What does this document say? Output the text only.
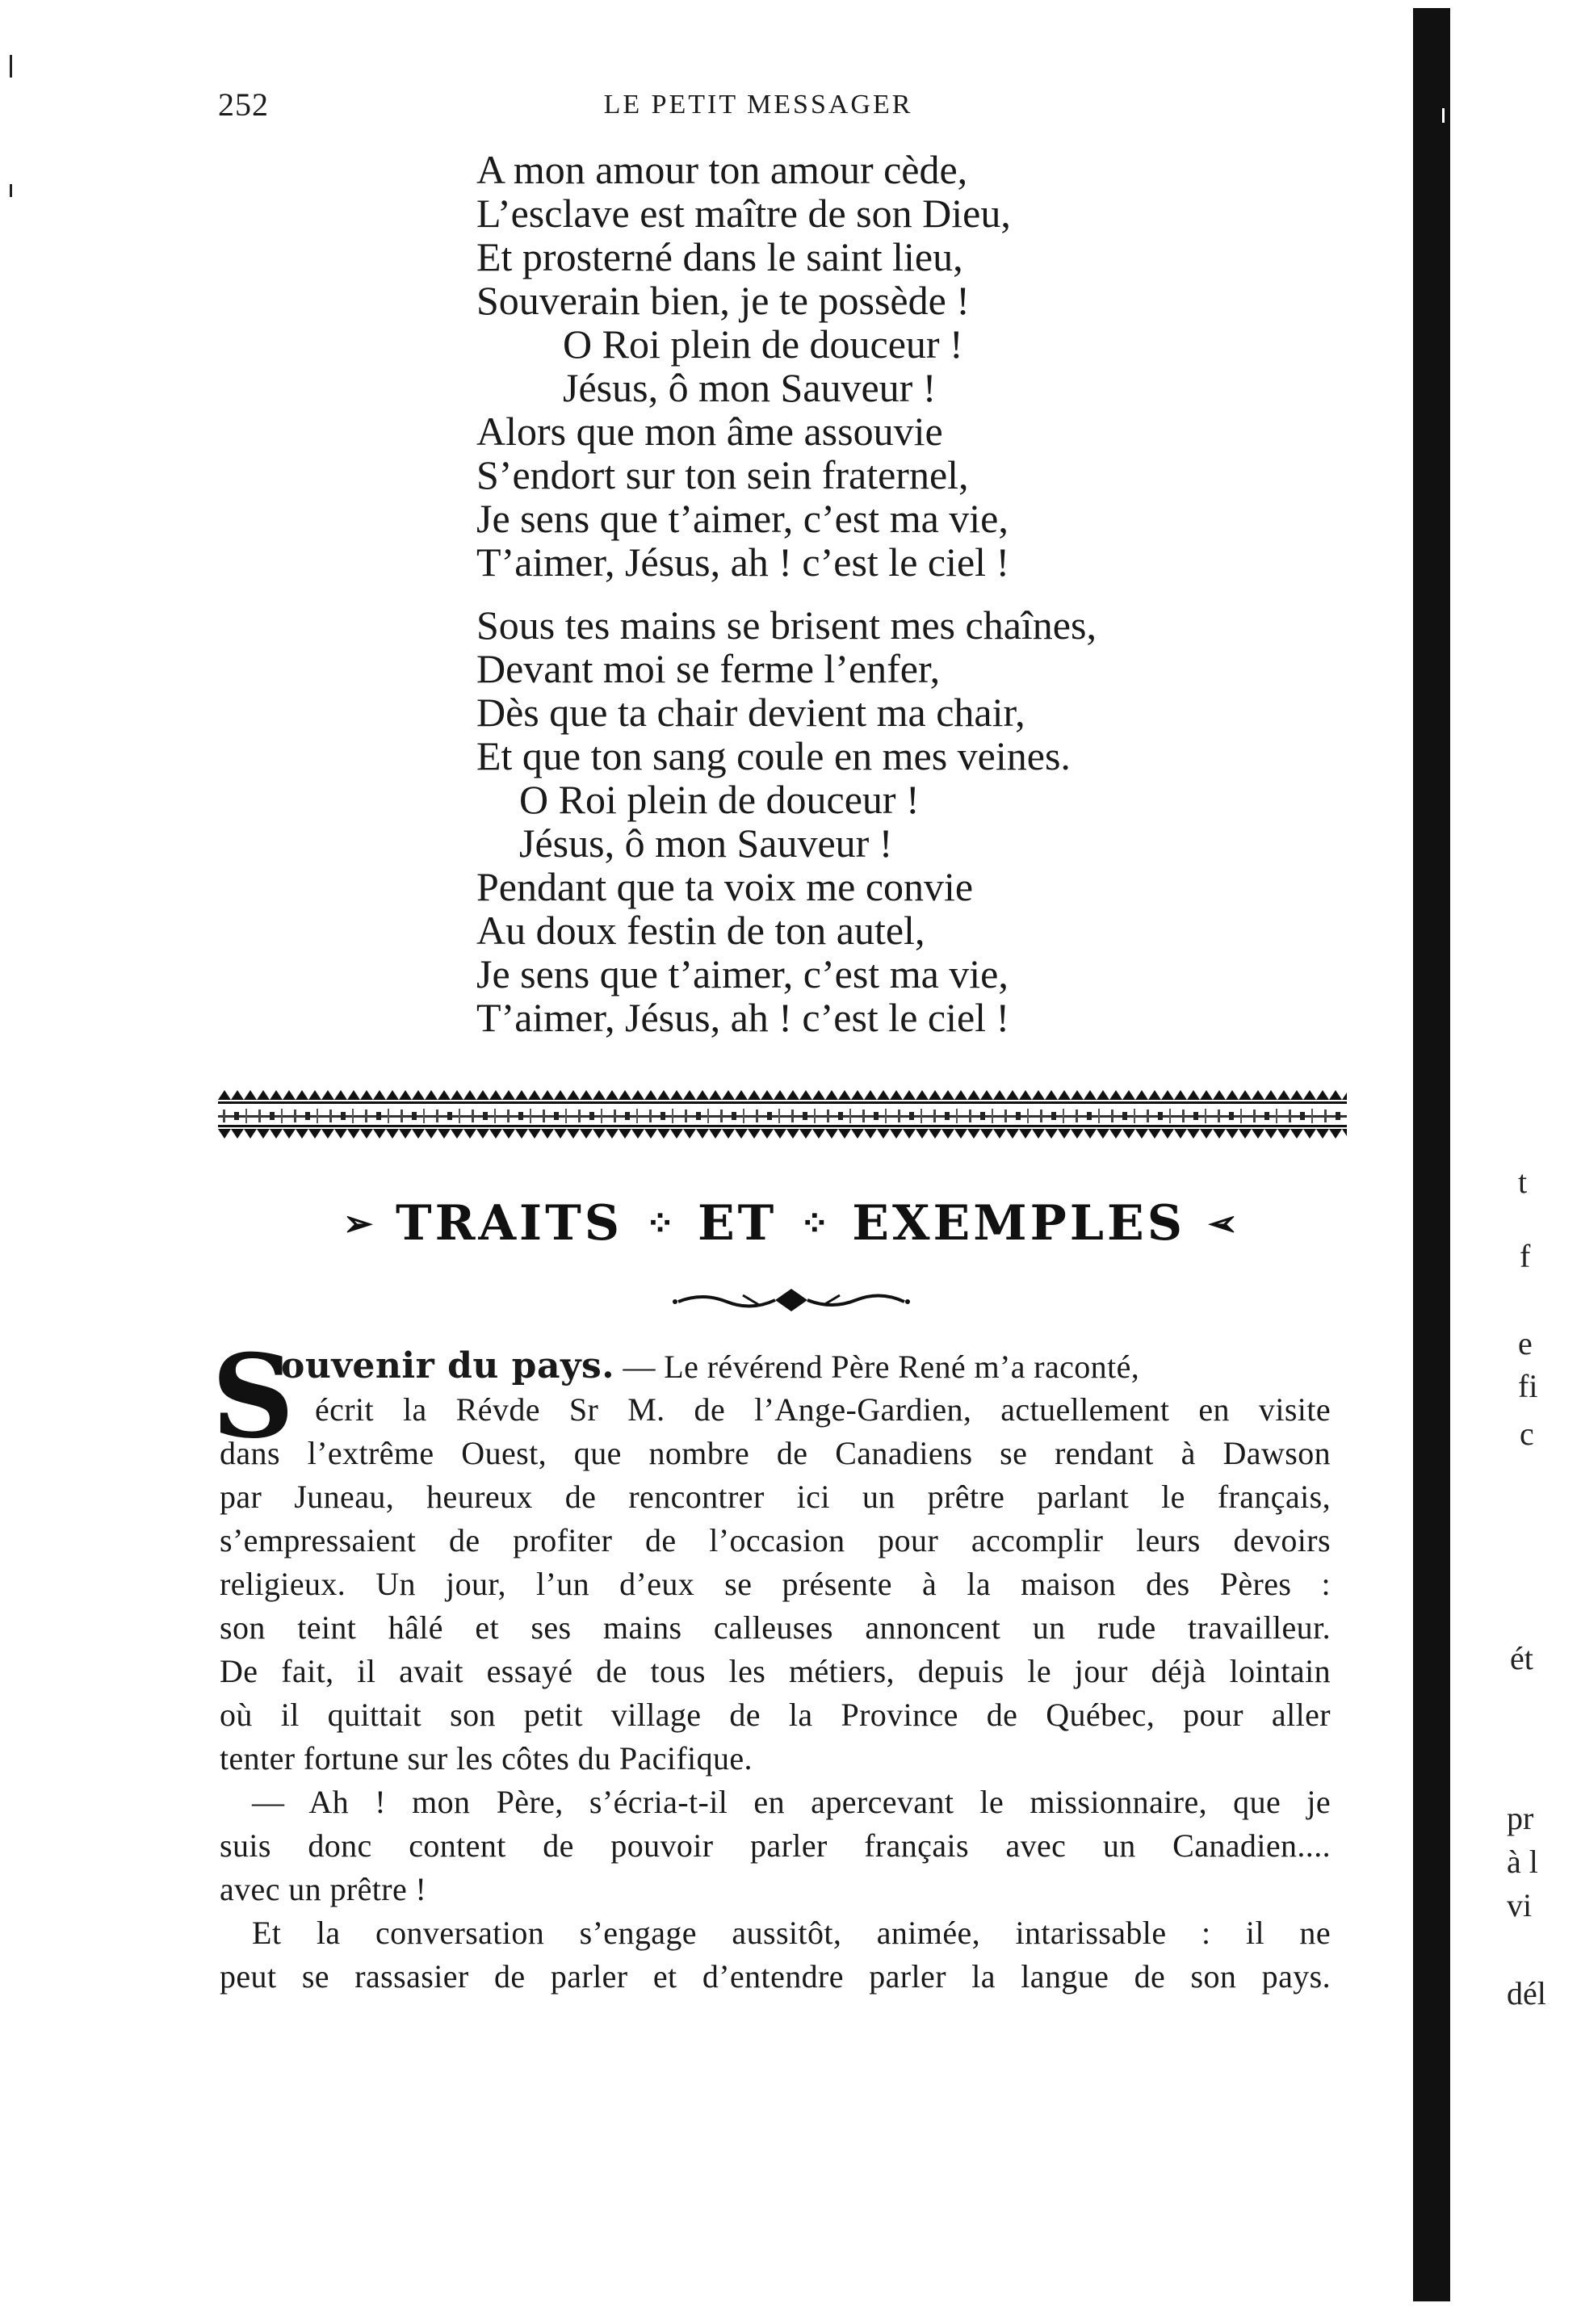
252	LE PETIT MESSAGER
A mon amour ton amour cède,
L’esclave est maître de son Dieu,
Et prosterné dans le saint lieu,
Souverain bien, je te possède !
O Roi plein de douceur !
Jésus, ô mon Sauveur !
Alors que mon âme assouvie
S’endort sur ton sein fraternel,
Je sens que t’aimer, c’est ma vie,
T’aimer, Jésus, ah ! c’est le ciel !
Sous tes mains se brisent mes chaînes,
Devant moi se ferme l’enfer,
Dès que ta chair devient ma chair,
Et que ton sang coule en mes veines.
O Roi plein de douceur !
Jésus, ô mon Sauveur !
Pendant que ta voix me convie
Au doux festin de ton autel,
Je sens que t’aimer, c’est ma vie,
T’aimer, Jésus, ah ! c’est le ciel !
➢ TRAITS ⁘ ET ⁘ EXEMPLES ➢
S
ouvenir du pays. — Le révérend Père René m’a raconté,
écrit la Révde Sr M. de l’Ange-Gardien, actuellement en visite
dans l’extrême Ouest, que nombre de Canadiens se rendant à Dawson
par Juneau, heureux de rencontrer ici un prêtre parlant le français,
s’empressaient de profiter de l’occasion pour accomplir leurs devoirs
religieux. Un jour, l’un d’eux se présente à la maison des Pères :
son teint hâlé et ses mains calleuses annoncent un rude travailleur.
De fait, il avait essayé de tous les métiers, depuis le jour déjà lointain
où il quittait son petit village de la Province de Québec, pour aller
tenter fortune sur les côtes du Pacifique.
— Ah ! mon Père, s’écria-t-il en apercevant le missionnaire, que je
suis donc content de pouvoir parler français avec un Canadien....
avec un prêtre !
Et la conversation s’engage aussitôt, animée, intarissable : il ne
peut se rassasier de parler et d’entendre parler la langue de son pays.
t
f
e
fi
c
ét
pr
à l
vi
dél
